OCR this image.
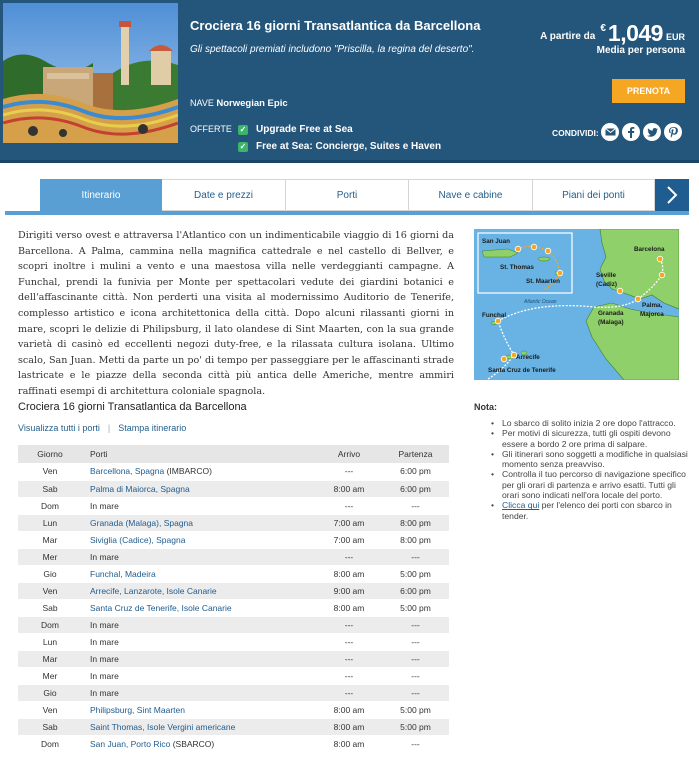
Crociera 16 giorni Transatlantica da Barcellona
Gli spettacoli premiati includono "Priscilla, la regina del deserto".
NAVE Norwegian Epic
OFFERTE ✓ Upgrade Free at Sea
✓ Free at Sea: Concierge, Suites e Haven
A partire da
€ 1,049 EUR
Media per persona
PRENOTA
CONDIVIDI:
Itinerario	Date e prezzi	Porti	Nave e cabine	Piani dei ponti
Dirigiti verso ovest e attraversa l'Atlantico con un indimenticabile viaggio di 16 giorni da Barcellona. A Palma, cammina nella magnifica cattedrale e nel castello di Bellver, e scopri inoltre i mulini a vento e una maestosa villa nelle verdeggianti campagne. A Funchal, prendi la funivia per Monte per spettacolari vedute dei giardini botanici e dell'affascinante città. Non perderti una visita al modernissimo Auditorio de Tenerife, complesso artistico e icona architettonica della città. Dopo alcuni rilassanti giorni in mare, scopri le delizie di Philipsburg, il lato olandese di Sint Maarten, con la sua grande varietà di casinò ed eccellenti negozi duty-free, e la rilassata cultura isolana. Ultimo scalo, San Juan. Metti da parte un po' di tempo per passeggiare per le affascinanti strade lastricate e le piazze della seconda città più antica delle Americhe, mentre ammiri raffinati esempi di architettura coloniale spagnola.
San Juan
St. Thomas
St. Maarten
Funchal
Arrecife
Santa Cruz de Tenerife
Seville
(Cadiz)
Granada
(Malaga)
Palma,
Majorca
Barcelona
Atlantic Ocean
Crociera 16 giorni Transatlantica da Barcellona
Visualizza tutti i porti | Stampa itinerario
Giorno	Porti	Arrivo	Partenza
Ven	Barcellona, Spagna (IMBARCO)	---	6:00 pm
Sab	Palma di Maiorca, Spagna	8:00 am	6:00 pm
Dom	In mare	---	---
Lun	Granada (Malaga), Spagna	7:00 am	8:00 pm
Mar	Siviglia (Cadice), Spagna	7:00 am	8:00 pm
Mer	In mare	---	---
Gio	Funchal, Madeira	8:00 am	5:00 pm
Ven	Arrecife, Lanzarote, Isole Canarie	9:00 am	6:00 pm
Sab	Santa Cruz de Tenerife, Isole Canarie	8:00 am	5:00 pm
Dom	In mare	---	---
Lun	In mare	---	---
Mar	In mare	---	---
Mer	In mare	---	---
Gio	In mare	---	---
Ven	Philipsburg, Sint Maarten	8:00 am	5:00 pm
Sab	Saint Thomas, Isole Vergini americane	8:00 am	5:00 pm
Dom	San Juan, Porto Rico (SBARCO)	8:00 am	---
Nota:
• Lo sbarco di solito inizia 2 ore dopo l'attracco.
• Per motivi di sicurezza, tutti gli ospiti devono essere a bordo 2 ore prima di salpare.
• Gli itinerari sono soggetti a modifiche in qualsiasi momento senza preavviso.
• Controlla il tuo percorso di navigazione specifico per gli orari di partenza e arrivo esatti. Tutti gli orari sono indicati nell'ora locale del porto.
• Clicca qui per l'elenco dei porti con sbarco in tender.
